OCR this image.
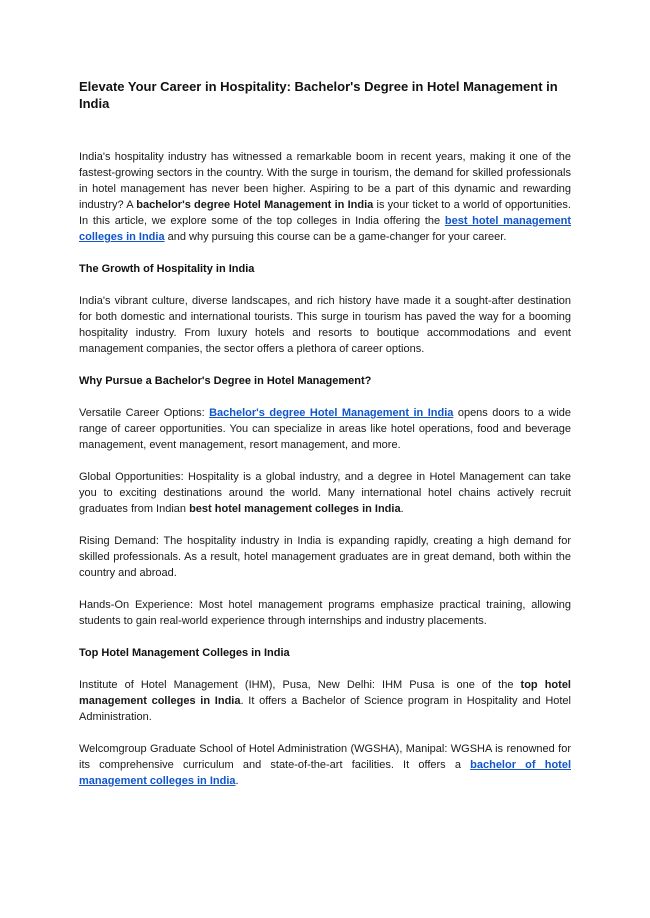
Elevate Your Career in Hospitality: Bachelor's Degree in Hotel Management in India

India's hospitality industry has witnessed a remarkable boom in recent years, making it one of the fastest-growing sectors in the country. With the surge in tourism, the demand for skilled professionals in hotel management has never been higher. Aspiring to be a part of this dynamic and rewarding industry? A bachelor's degree Hotel Management in India is your ticket to a world of opportunities. In this article, we explore some of the top colleges in India offering the best hotel management colleges in India and why pursuing this course can be a game-changer for your career.

The Growth of Hospitality in India

India's vibrant culture, diverse landscapes, and rich history have made it a sought-after destination for both domestic and international tourists. This surge in tourism has paved the way for a booming hospitality industry. From luxury hotels and resorts to boutique accommodations and event management companies, the sector offers a plethora of career options.

Why Pursue a Bachelor's Degree in Hotel Management?

Versatile Career Options: Bachelor's degree Hotel Management in India opens doors to a wide range of career opportunities. You can specialize in areas like hotel operations, food and beverage management, event management, resort management, and more.

Global Opportunities: Hospitality is a global industry, and a degree in Hotel Management can take you to exciting destinations around the world. Many international hotel chains actively recruit graduates from Indian best hotel management colleges in India.

Rising Demand: The hospitality industry in India is expanding rapidly, creating a high demand for skilled professionals. As a result, hotel management graduates are in great demand, both within the country and abroad.

Hands-On Experience: Most hotel management programs emphasize practical training, allowing students to gain real-world experience through internships and industry placements.

Top Hotel Management Colleges in India

Institute of Hotel Management (IHM), Pusa, New Delhi: IHM Pusa is one of the top hotel management colleges in India. It offers a Bachelor of Science program in Hospitality and Hotel Administration.

Welcomgroup Graduate School of Hotel Administration (WGSHA), Manipal: WGSHA is renowned for its comprehensive curriculum and state-of-the-art facilities. It offers a bachelor of hotel management colleges in India.
